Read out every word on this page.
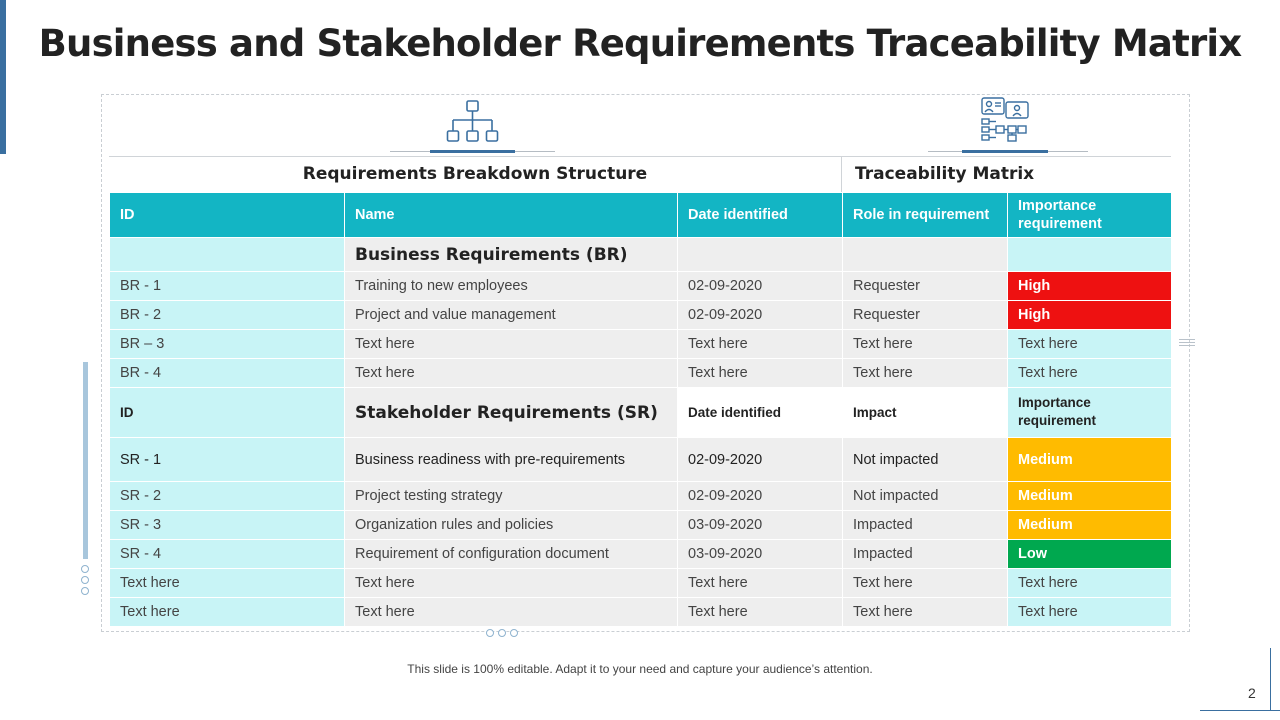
Business and Stakeholder Requirements Traceability Matrix
Requirements Breakdown Structure	Traceability Matrix
ID	Name	Date identified	Role in requirement	Importance requirement
	Business Requirements (BR)			
BR - 1	Training to new employees	02-09-2020	Requester	High
BR - 2	Project and value management	02-09-2020	Requester	High
BR – 3	Text here	Text here	Text here	Text here
BR - 4	Text here	Text here	Text here	Text here
ID	Stakeholder Requirements (SR)	Date identified	Impact	Importance requirement
SR - 1	Business readiness with pre-requirements	02-09-2020	Not impacted	Medium
SR - 2	Project testing strategy	02-09-2020	Not impacted	Medium
SR - 3	Organization rules and policies	03-09-2020	Impacted	Medium
SR - 4	Requirement of configuration document	03-09-2020	Impacted	Low
Text here	Text here	Text here	Text here	Text here
Text here	Text here	Text here	Text here	Text here
This slide is 100% editable. Adapt it to your need and capture your audience’s attention.
2
